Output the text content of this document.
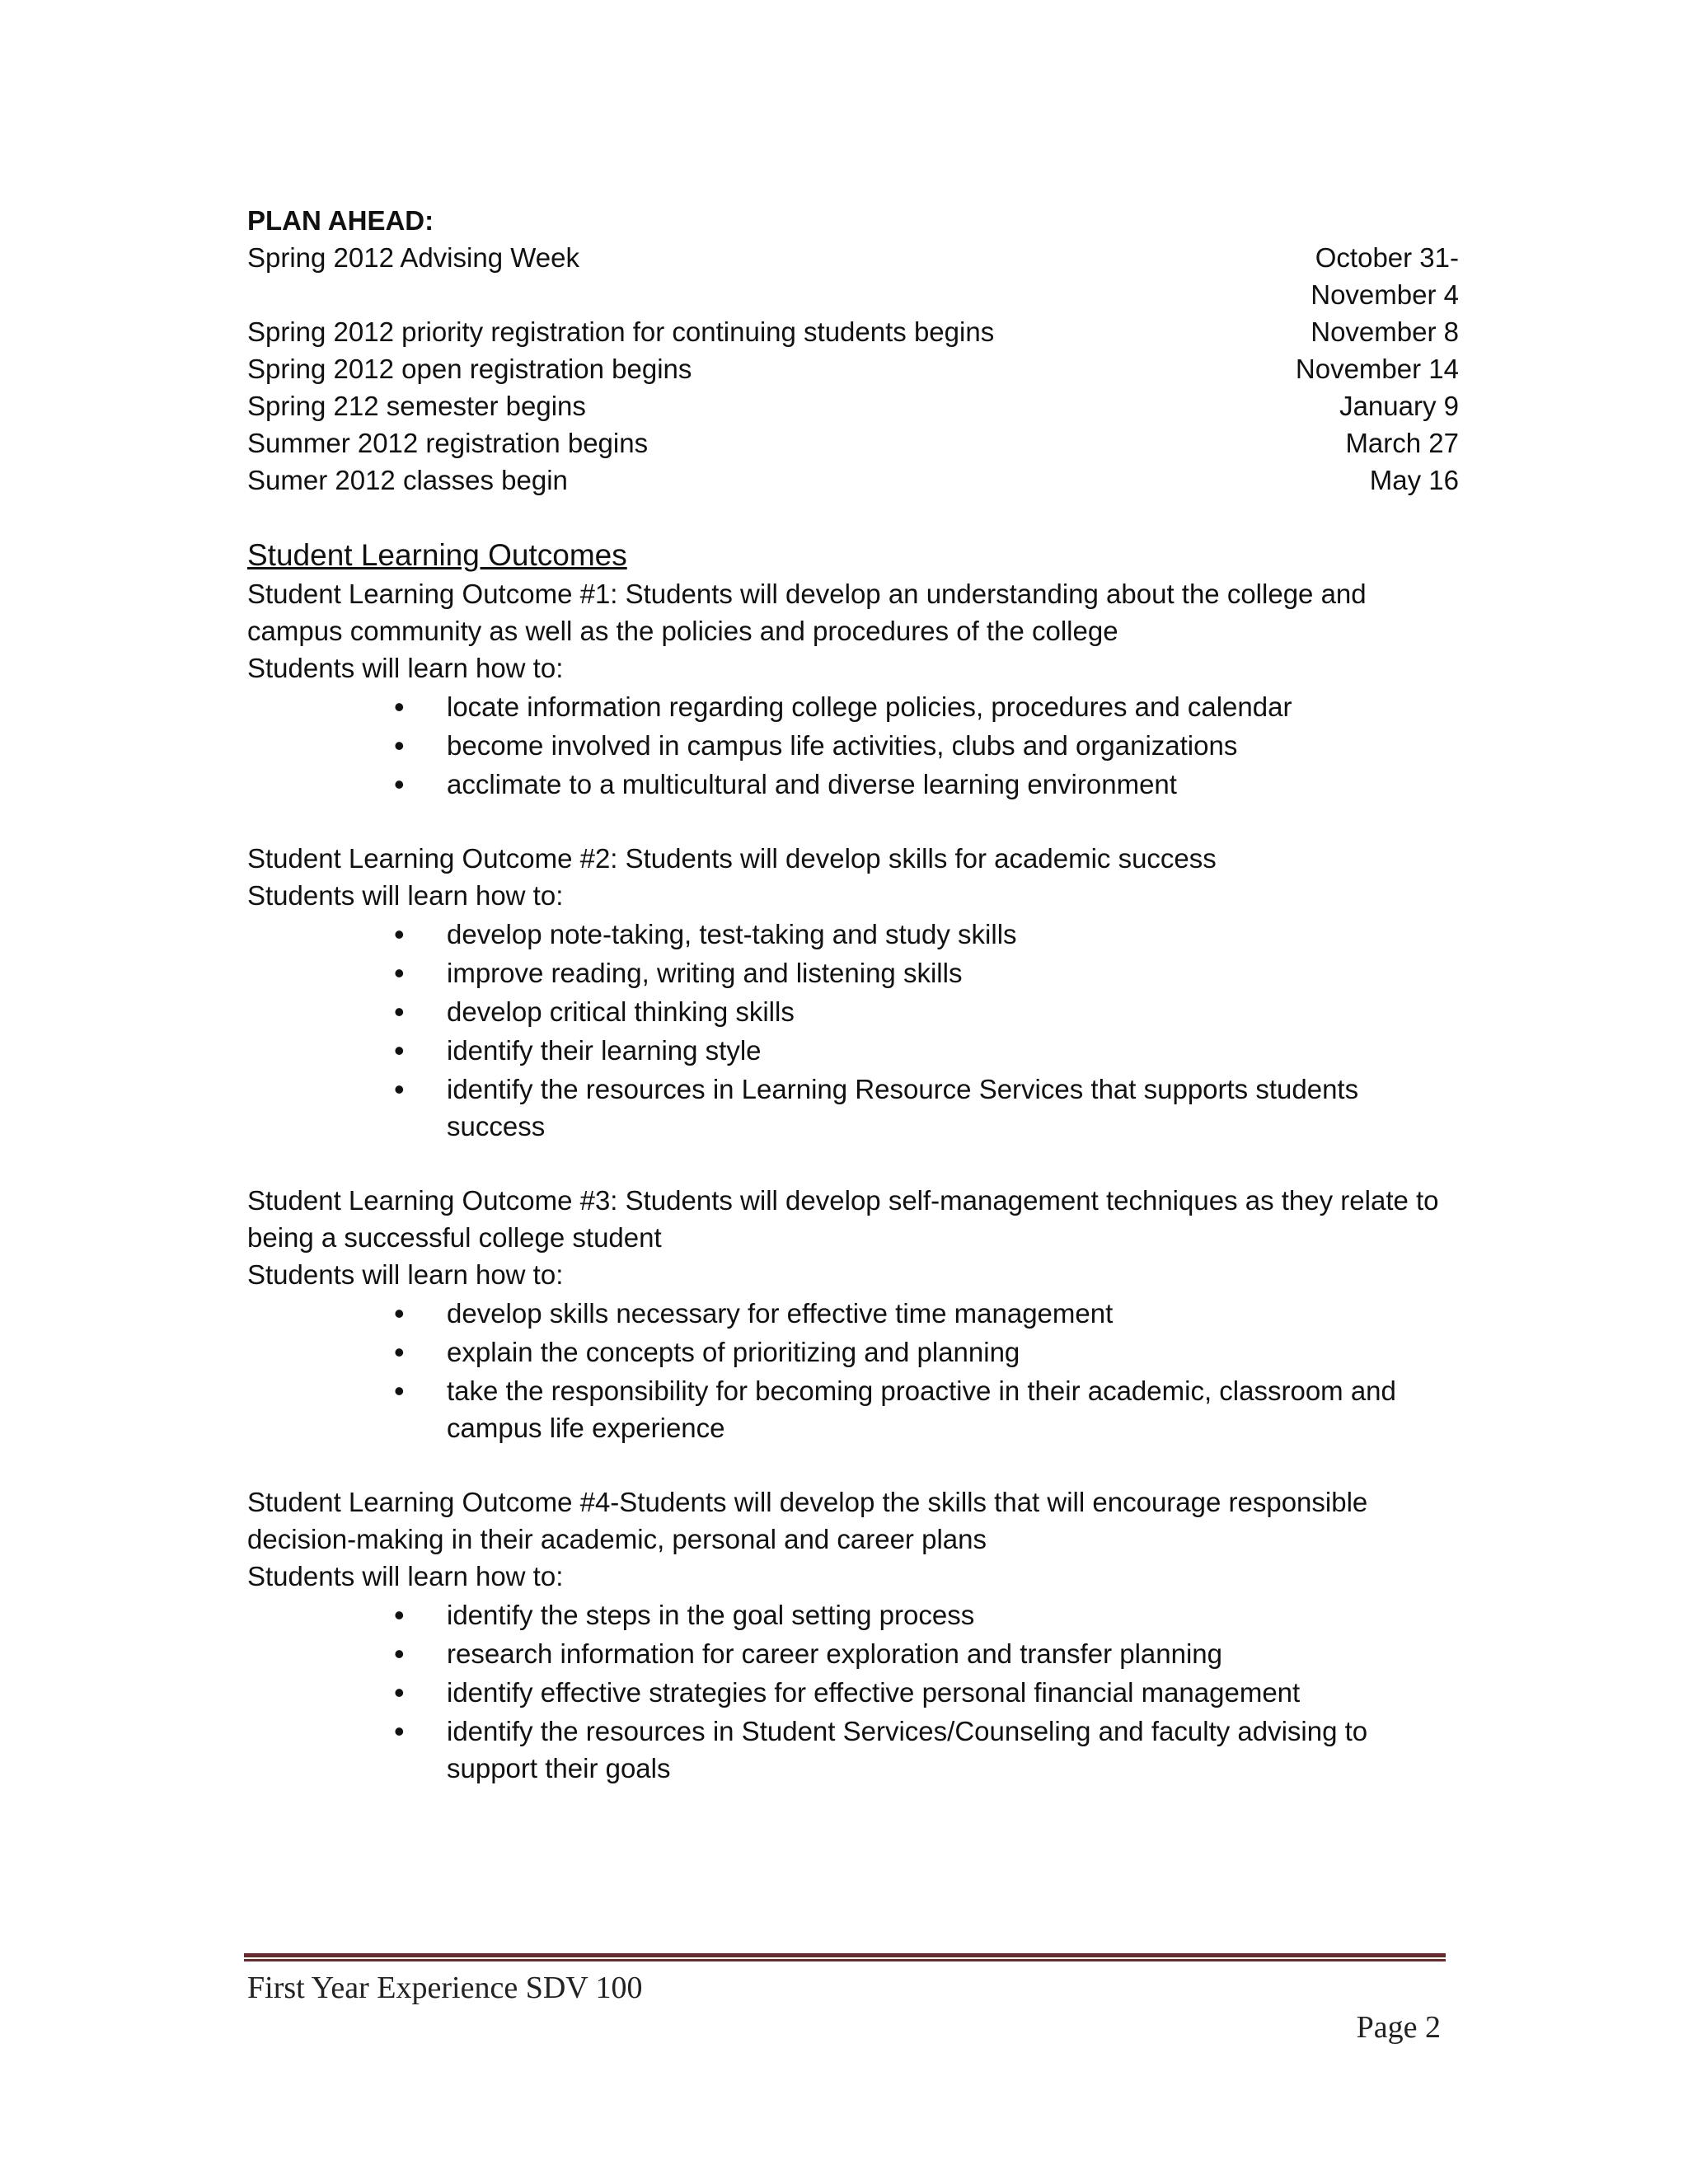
PLAN AHEAD:
Spring 2012 Advising Week	October 31-
November 4
Spring 2012 priority registration for continuing students begins	November 8
Spring 2012 open registration begins	November 14
Spring 212 semester begins	January 9
Summer 2012 registration begins	March 27
Sumer 2012 classes begin	May 16
Student Learning Outcomes
Student Learning Outcome #1: Students will develop an understanding about the college and campus community as well as the policies and procedures of the college
Students will learn how to:
• locate information regarding college policies, procedures and calendar
• become involved in campus life activities, clubs and organizations
• acclimate to a multicultural and diverse learning environment
Student Learning Outcome #2: Students will develop skills for academic success
Students will learn how to:
• develop note-taking, test-taking and study skills
• improve reading, writing and listening skills
• develop critical thinking skills
• identify their learning style
• identify the resources in Learning Resource Services that supports students success
Student Learning Outcome #3: Students will develop self-management techniques as they relate to being a successful college student
Students will learn how to:
• develop skills necessary for effective time management
• explain the concepts of prioritizing and planning
• take the responsibility for becoming proactive in their academic, classroom and campus life experience
Student Learning Outcome #4-Students will develop the skills that will encourage responsible decision-making in their academic, personal and career plans
Students will learn how to:
• identify the steps in the goal setting process
• research information for career exploration and transfer planning
• identify effective strategies for effective personal financial management
• identify the resources in Student Services/Counseling and faculty advising to support their goals
First Year Experience SDV 100
Page 2
